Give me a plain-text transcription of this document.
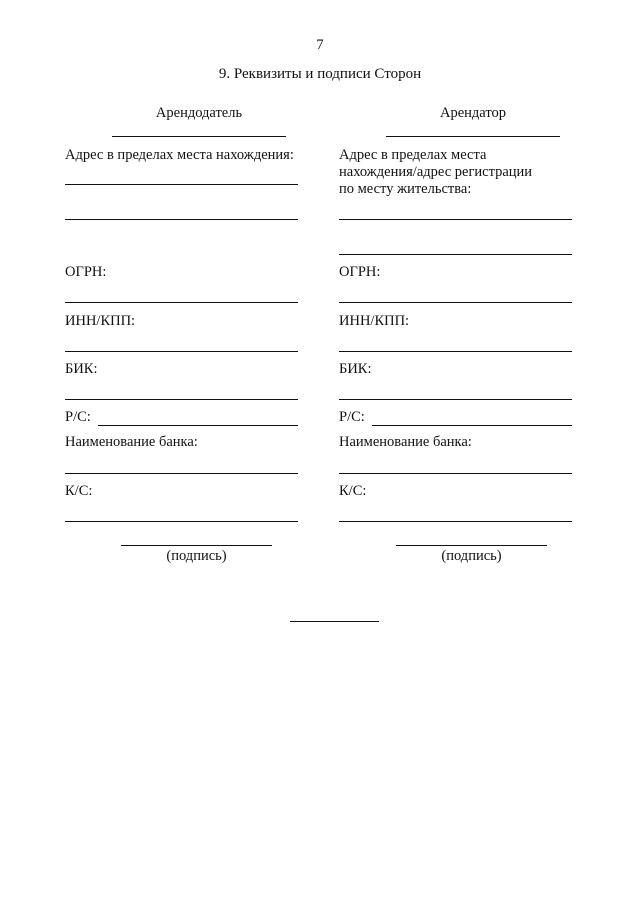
7
9. Реквизиты и подписи Сторон
Арендодатель
Адрес в пределах места нахождения:
ОГРН:
ИНН/КПП:
БИК:
Р/С:
Наименование банка:
К/С:
(подпись)
Арендатор
Адрес в пределах места
нахождения/адрес регистрации
по месту жительства:
ОГРН:
ИНН/КПП:
БИК:
Р/С:
Наименование банка:
К/С:
(подпись)
